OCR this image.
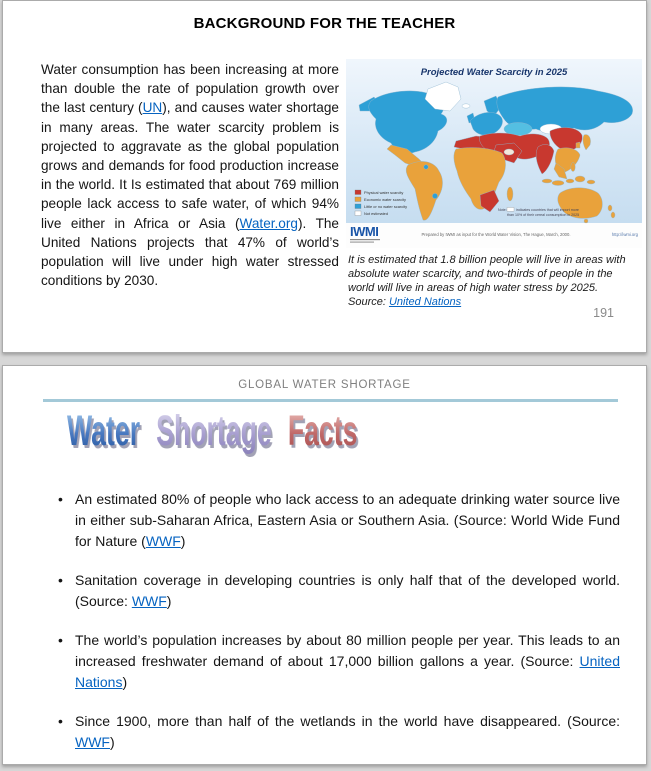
BACKGROUND FOR THE TEACHER
Water consumption has been increasing at more than double the rate of population growth over the last century (UN), and causes water shortage in many areas. The water scarcity problem is projected to aggravate as the global population grows and demands for food production increase in the world. It Is estimated that about 769 million people lack access to safe water, of which 94% live either in Africa or Asia (Water.org). The United Nations projects that 47% of world’s population will live under high water stressed conditions by 2030.
Projected Water Scarcity in 2025
Physical water scarcity
Economic water scarcity
Little or no water scarcity
Not estimated
Note:	indicates countries that will import more
than 10% of their cereal consumption in 2025
IWMI	Prepared by IWMI as input for the World Water Vision, The Hague, March, 2000.	http://iwmi.org
It is estimated that 1.8 billion people will live in areas with absolute water scarcity, and two-thirds of people in the world will live in areas of high water stress by 2025.
Source: United Nations
191
GLOBAL WATER SHORTAGE
Water Shortage Facts
• An estimated 80% of people who lack access to an adequate drinking water source live in either sub-Saharan Africa, Eastern Asia or Southern Asia. (Source: World Wide Fund for Nature (WWF)

• Sanitation coverage in developing countries is only half that of the developed world. (Source: WWF)

• The world’s population increases by about 80 million people per year. This leads to an increased freshwater demand of about 17,000 billion gallons a year. (Source: United Nations)

• Since 1900, more than half of the wetlands in the world have disappeared. (Source: WWF)
